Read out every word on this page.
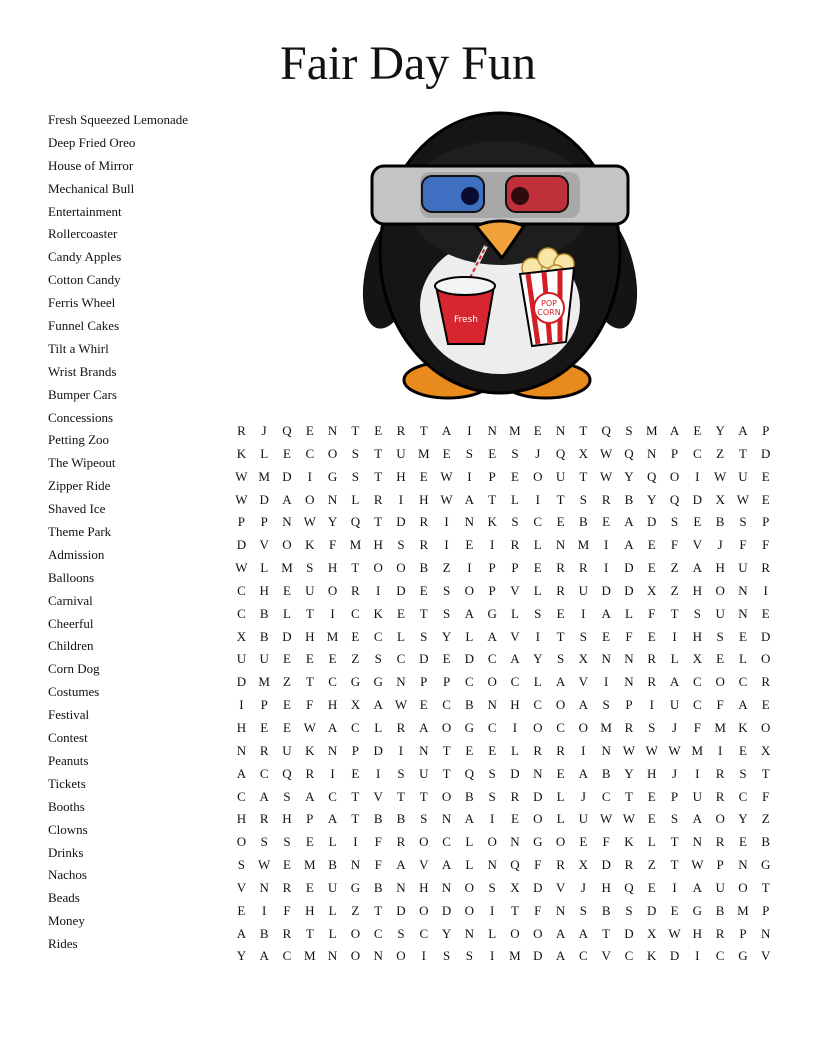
Fair Day Fun
Fresh Squeezed Lemonade
Deep Fried Oreo
House of Mirror
Mechanical Bull
Entertainment
Rollercoaster
Candy Apples
Cotton Candy
Ferris Wheel
Funnel Cakes
Tilt a Whirl
Wrist Brands
Bumper Cars
Concessions
Petting Zoo
The Wipeout
Zipper Ride
Shaved Ice
Theme Park
Admission
Balloons
Carnival
Cheerful
Children
Corn Dog
Costumes
Festival
Contest
Peanuts
Tickets
Booths
Clowns
Drinks
Nachos
Beads
Money
Rides
Fresh
POP
CORN
R	J	Q	E	N	T	E	R	T	A	I	N M	E	N	T	Q	S	M A	E	Y	A	P
K	L	E	C	O	S	T	U M	E	S	E	S	J	Q	X W Q	N	P	C	Z	T	D
W M D	I	G	S	T	H	E W	I	P	E	O	U	T W Y	Q	O	I	W U	E
W D	A	O	N	L	R	I	H W A	T	L	I	T	S	R	B	Y	Q	D	X W E
P	P	N W Y	Q	T	D	R	I	N	K	S	C	E	B	E	A	D	S	E	B	S	P
D	V	O	K	F	M H	S	R	I	E	I	R	L	N M	I	A	E	F	V	J	F	F
W L	M	S	H	T	O	O	B	Z	I	P	P	E	R	R	I	D	E	Z	A	H	U	R
C	H	E	U	O	R	I	D	E	S	O	P	V	L	R	U	D	D	X	Z	H	O	N	I
C	B	L	T	I	C	K	E	T	S	A	G	L	S	E	I	A	L	F	T	S	U	N	E
X	B	D	H M	E	C	L	S	Y	L	A	V	I	T	S	E	F	E	I	H	S	E	D
U	U	E	E	E	Z	S	C	D	E	D	C	A	Y	S	X	N	N	R	L	X	E	L	O
D M	Z	T	C	G	G	N	P	P	C	O	C	L	A	V	I	N	R	A	C	O	C	R
I	P	E	F	H	X	A W E	C	B	N	H	C	O	A	S	P	I	U	C	F	A	E
H	E	E W A	C	L	R	A	O	G	C	I	O	C	O M R	S	J	F	M K	O
N	R	U	K	N	P	D	I	N	T	E	E	L	R	R	I	N W W W M	I	E	X
A	C	Q	R	I	E	I	S	U	T	Q	S	D	N	E	A	B	Y	H	J	I	R	S	T
C	A	S	A	C	T	V	T	T	O	B	S	R	D	L	J	C	T	E	P	U	R	C	F
H	R	H	P	A	T	B	B	S	N	A	I	E	O	L	U W W E	S	A	O	Y	Z
O	S	S	E	L	I	F	R	O	C	L	O	N	G	O	E	F	K	L	T	N	R	E	B
S	W E	M B	N	F	A	V	A	L	N	Q	F	R	X	D	R	Z	T W	P	N	G
V	N	R	E	U	G	B	N	H	N	O	S	X	D	V	J	H	Q	E	I	A	U	O	T
E	I	F	H	L	Z	T	D	O	D	O	I	T	F	N	S	B	S	D	E	G	B M	P
A	B	R	T	L	O	C	S	C	Y	N	L	O	O	A	A	T	D	X W H	R	P	N
Y	A	C M N	O	N	O	I	S	S	I	M D	A	C	V	C	K	D	I	C	G	V
